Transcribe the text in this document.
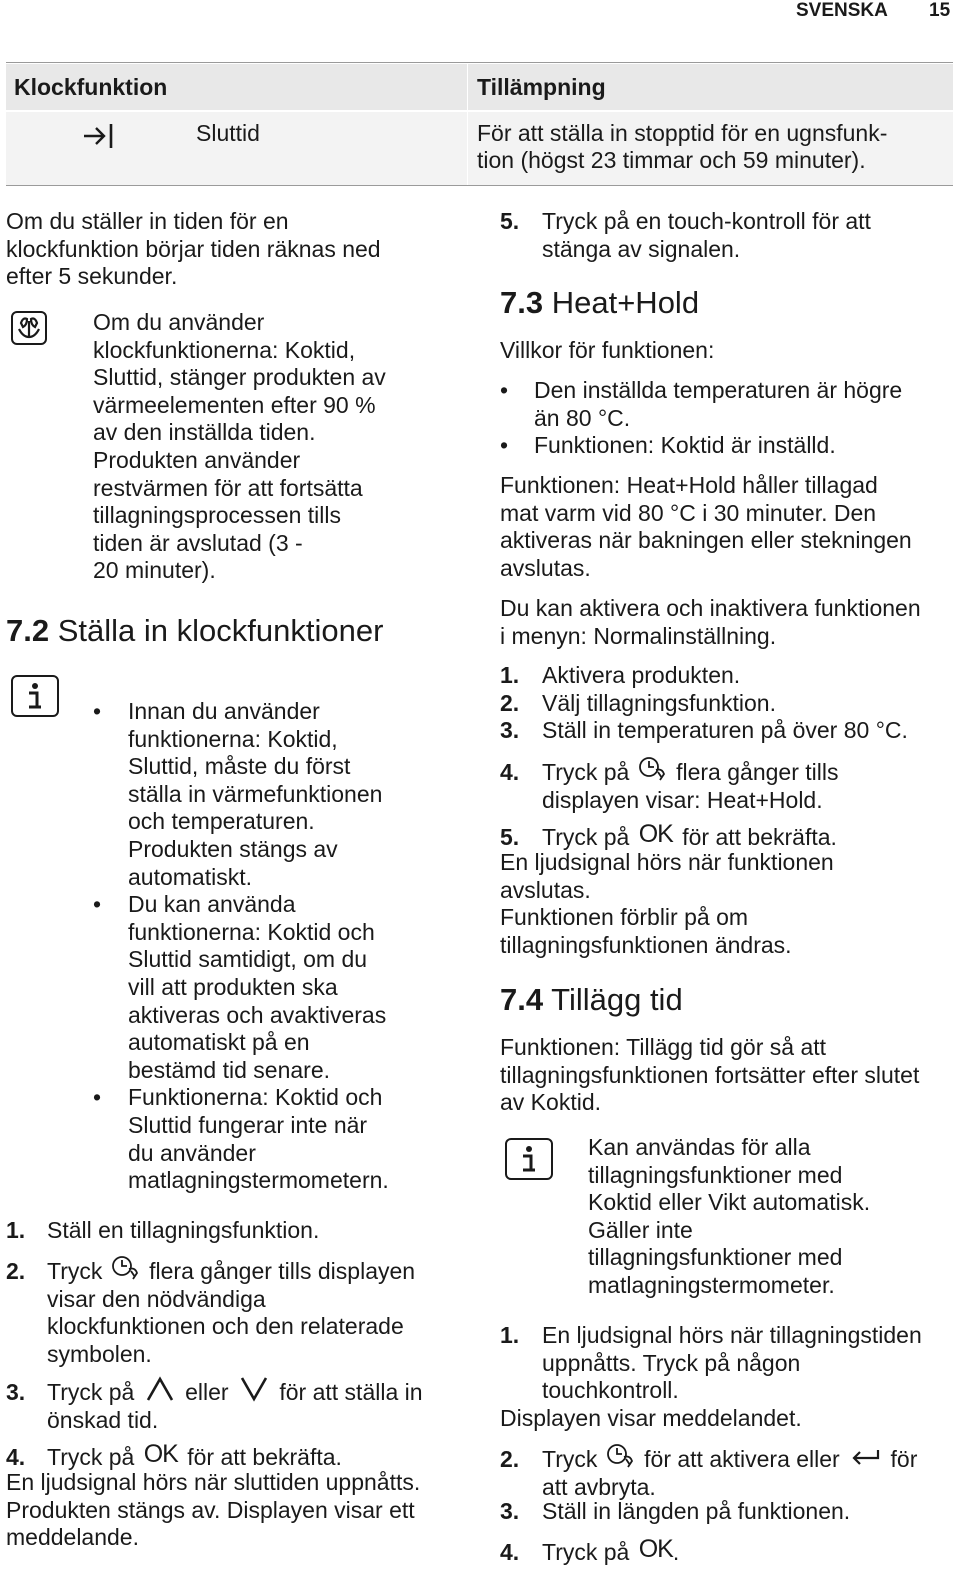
SVENSKA 15
Klockfunktion	Tillämpning
Sluttid	För att ställa in stopptid för en ugnsfunk-
tion (högst 23 timmar och 59 minuter).
Om du ställer in tiden för en
klockfunktion börjar tiden räknas ned
efter 5 sekunder.
Om du använder
klockfunktionerna: Koktid,
Sluttid, stänger produkten av
värmeelementen efter 90 %
av den inställda tiden.
Produkten använder
restvärmen för att fortsätta
tillagningsprocessen tills
tiden är avslutad (3 -
20 minuter).
7.2 Ställa in klockfunktioner
• Innan du använder
funktionerna: Koktid,
Sluttid, måste du först
ställa in värmefunktionen
och temperaturen.
Produkten stängs av
automatiskt.
• Du kan använda
funktionerna: Koktid och
Sluttid samtidigt, om du
vill att produkten ska
aktiveras och avaktiveras
automatiskt på en
bestämd tid senare.
• Funktionerna: Koktid och
Sluttid fungerar inte när
du använder
matlagningstermometern.
1. Ställ en tillagningsfunktion.
2. Tryck flera gånger tills displayen
visar den nödvändiga
klockfunktionen och den relaterade
symbolen.
3. Tryck på eller för att ställa in
önskad tid.
4. Tryck på OK för att bekräfta.
En ljudsignal hörs när sluttiden uppnåtts.
Produkten stängs av. Displayen visar ett
meddelande.
5. Tryck på en touch-kontroll för att
stänga av signalen.
7.3 Heat+Hold
Villkor för funktionen:
• Den inställda temperaturen är högre
än 80 °C.
• Funktionen: Koktid är inställd.
Funktionen: Heat+Hold håller tillagad
mat varm vid 80 °C i 30 minuter. Den
aktiveras när bakningen eller stekningen
avslutas.
Du kan aktivera och inaktivera funktionen
i menyn: Normalinställning.
1. Aktivera produkten.
2. Välj tillagningsfunktion.
3. Ställ in temperaturen på över 80 °C.
4. Tryck på flera gånger tills
displayen visar: Heat+Hold.
5. Tryck på OK för att bekräfta.
En ljudsignal hörs när funktionen
avslutas.
Funktionen förblir på om
tillagningsfunktionen ändras.
7.4 Tillägg tid
Funktionen: Tillägg tid gör så att
tillagningsfunktionen fortsätter efter slutet
av Koktid.
Kan användas för alla
tillagningsfunktioner med
Koktid eller Vikt automatisk.
Gäller inte
tillagningsfunktioner med
matlagningstermometer.
1. En ljudsignal hörs när tillagningstiden
uppnåtts. Tryck på någon
touchkontroll.
Displayen visar meddelandet.
2. Tryck för att aktivera eller för
att avbryta.
3. Ställ in längden på funktionen.
4. Tryck på OK.
